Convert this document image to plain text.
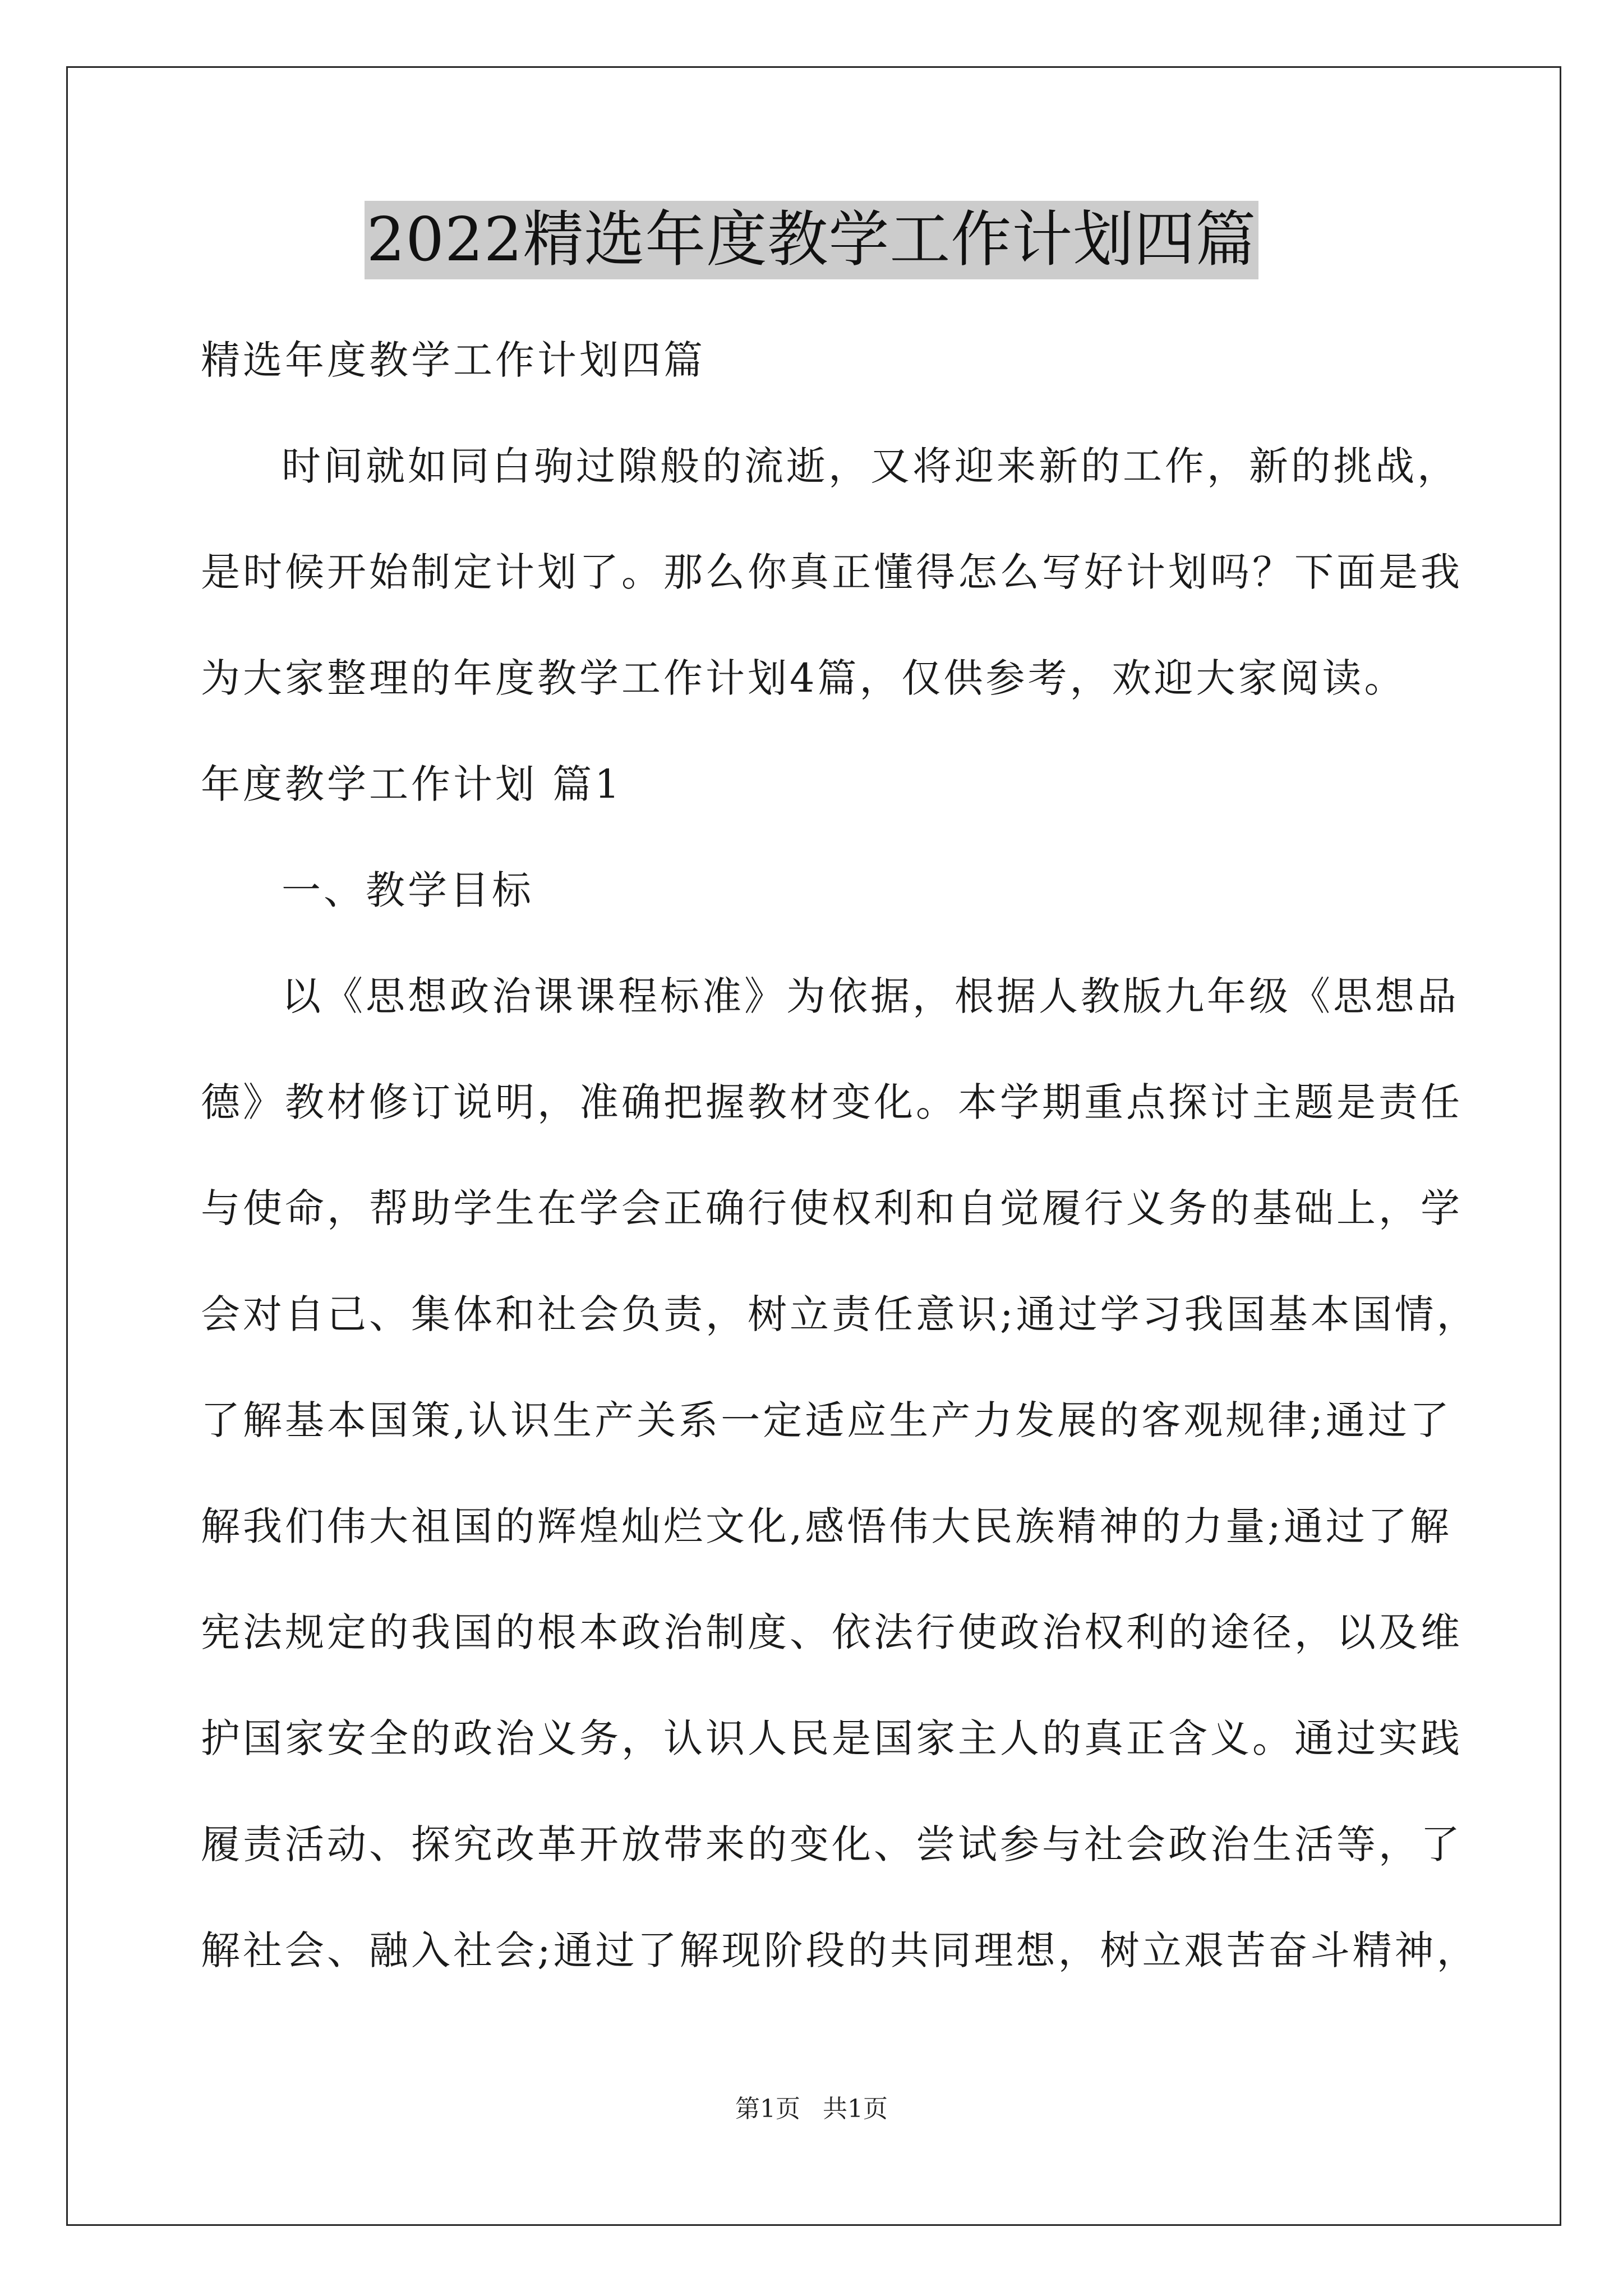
2022精选年度教学工作计划四篇
精选年度教学工作计划四篇
时间就如同白驹过隙般的流逝，又将迎来新的工作，新的挑战，
是时候开始制定计划了。那么你真正懂得怎么写好计划吗？下面是我
为大家整理的年度教学工作计划4篇，仅供参考，欢迎大家阅读。
年度教学工作计划 篇1
一、教学目标
以《思想政治课课程标准》为依据，根据人教版九年级《思想品
德》教材修订说明，准确把握教材变化。本学期重点探讨主题是责任
与使命，帮助学生在学会正确行使权利和自觉履行义务的基础上，学
会对自己、集体和社会负责，树立责任意识;通过学习我国基本国情，
了解基本国策,认识生产关系一定适应生产力发展的客观规律;通过了
解我们伟大祖国的辉煌灿烂文化,感悟伟大民族精神的力量;通过了解
宪法规定的我国的根本政治制度、依法行使政治权利的途径，以及维
护国家安全的政治义务，认识人民是国家主人的真正含义。通过实践
履责活动、探究改革开放带来的变化、尝试参与社会政治生活等，了
解社会、融入社会;通过了解现阶段的共同理想，树立艰苦奋斗精神，
第1页 共1页
